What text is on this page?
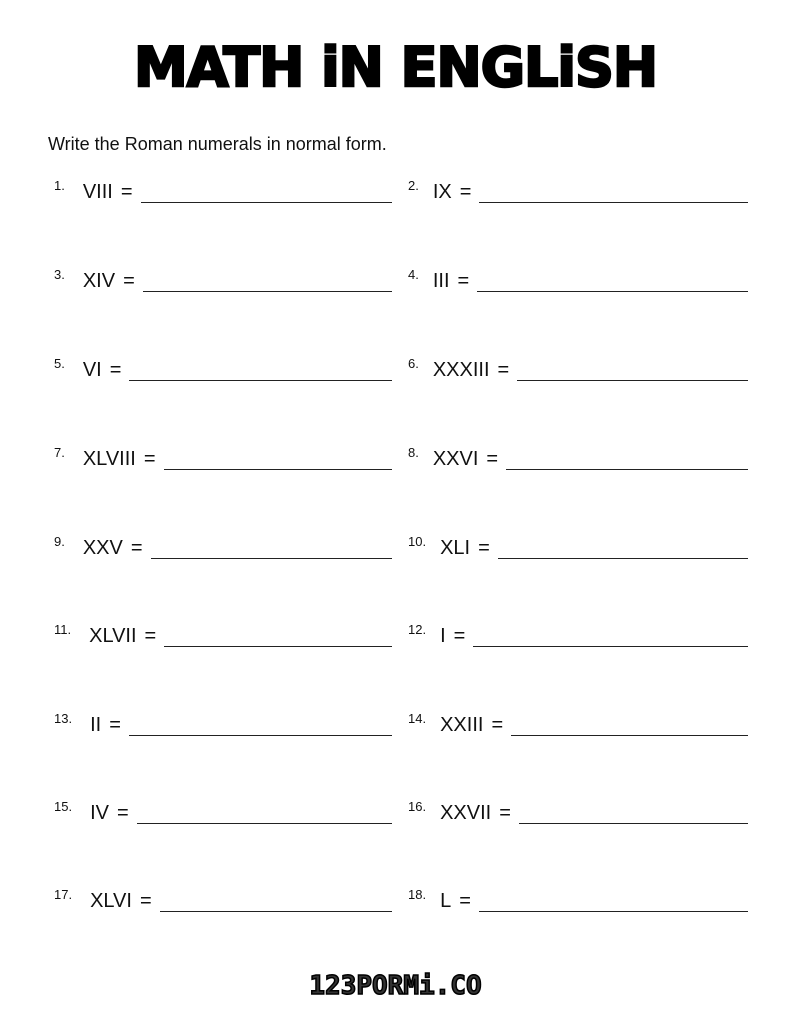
MATH iN ENGLiSH
Write the Roman numerals in normal form.
1. VIII =	2. IX =
3. XIV =	4. III =
5. VI =	6. XXXIII =
7. XLVIII =	8. XXVI =
9. XXV =	10. XLI =
11. XLVII =	12. I =
13. II =	14. XXIII =
15. IV =	16. XXVII =
17. XLVI =	18. L =
123PORMi.CO
